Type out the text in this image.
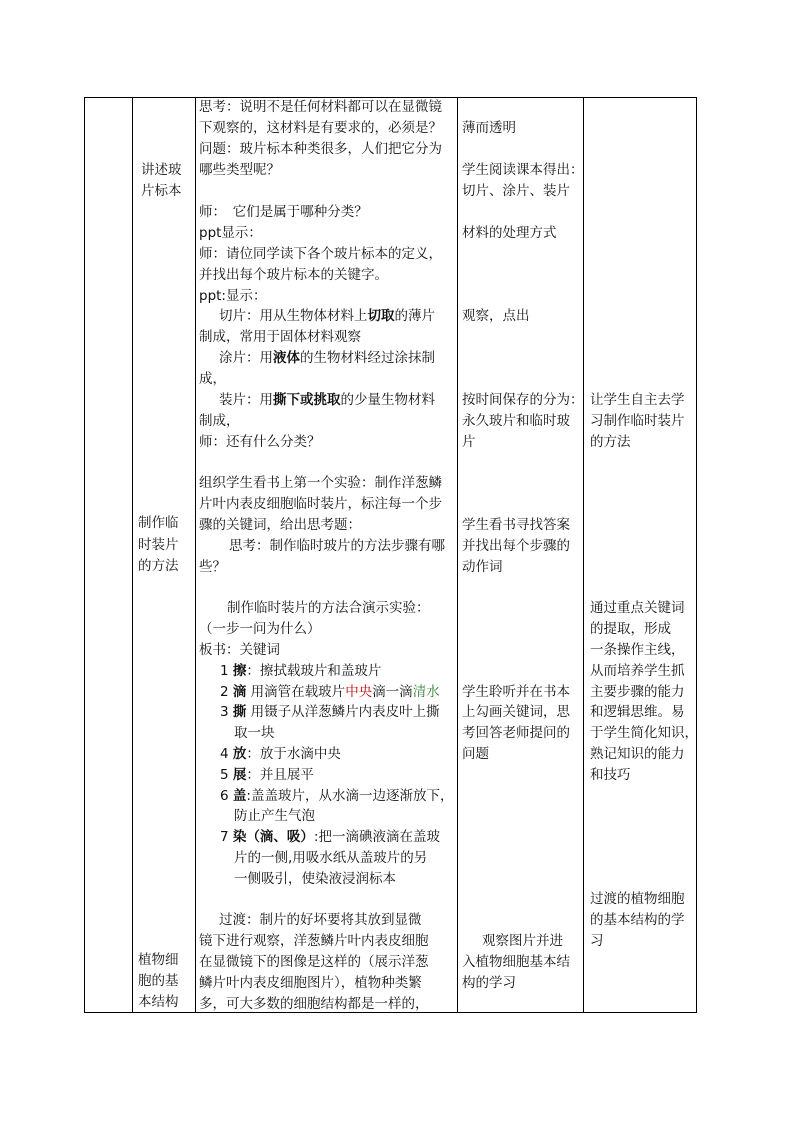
讲述玻
片标本
制作临
时装片
的方法
植物细
胞的基
本结构
思考：说明不是任何材料都可以在显微镜
下观察的，这材料是有要求的，必须是？
问题：玻片标本种类很多，人们把它分为
哪些类型呢？
师：　它们是属于哪种分类？
ppt显示：
师：请位同学读下各个玻片标本的定义，
并找出每个玻片标本的关键字。
ppt:显示：
切片：用从生物体材料上切取的薄片
制成，常用于固体材料观察
涂片：用液体的生物材料经过涂抹制
成，
装片：用撕下或挑取的少量生物材料
制成，
师：还有什么分类？
组织学生看书上第一个实验：制作洋葱鳞
片叶内表皮细胞临时装片，标注每一个步
骤的关键词，给出思考题：
思考：制作临时玻片的方法步骤有哪
些？
制作临时装片的方法合演示实验：
（一步一问为什么）
板书：关键词
1 擦：擦拭载玻片和盖玻片
2 滴 用滴管在载玻片中央滴一滴清水
3 撕 用镊子从洋葱鳞片内表皮叶上撕
取一块
4 放：放于水滴中央
5 展：并且展平
6 盖:盖盖玻片，从水滴一边逐渐放下，
防止产生气泡
7 染（滴、吸）:把一滴碘液滴在盖玻
片的一侧,用吸水纸从盖玻片的另
一侧吸引，使染液浸润标本
过渡：制片的好坏要将其放到显微
镜下进行观察，洋葱鳞片叶内表皮细胞
在显微镜下的图像是这样的（展示洋葱
鳞片叶内表皮细胞图片），植物种类繁
多，可大多数的细胞结构都是一样的，
薄而透明
学生阅读课本得出：
切片、涂片、装片
材料的处理方式
观察，点出
按时间保存的分为：
永久玻片和临时玻
片
学生看书寻找答案
并找出每个步骤的
动作词
学生聆听并在书本
上勾画关键词，思
考回答老师提问的
问题
观察图片并进
入植物细胞基本结
构的学习
让学生自主去学
习制作临时装片
的方法
通过重点关键词
的提取，形成
一条操作主线，
从而培养学生抓
主要步骤的能力
和逻辑思维。易
于学生简化知识，
熟记知识的能力
和技巧
过渡的植物细胞
的基本结构的学
习
